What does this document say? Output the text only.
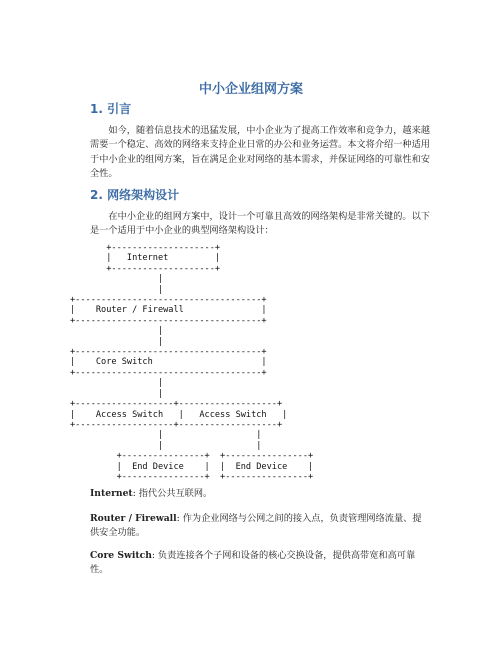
中小企业组网方案
1. 引言

　　如今，随着信息技术的迅猛发展，中小企业为了提高工作效率和竞争力，越来越需要一个稳定、高效的网络来支持企业日常的办公和业务运营。本文将介绍一种适用于中小企业的组网方案，旨在满足企业对网络的基本需求，并保证网络的可靠性和安全性。

2. 网络架构设计

　　在中小企业的组网方案中，设计一个可靠且高效的网络架构是非常关键的。以下是一个适用于中小企业的典型网络架构设计：

+--------------------+
|   Internet         |
+--------------------+
|
|
+------------------------------------+
|    Router / Firewall               |
+------------------------------------+
|
|
+------------------------------------+
|    Core Switch                     |
+------------------------------------+
|
|
+-------------------+-------------------+
|    Access Switch   |   Access Switch   |
+-------------------+-------------------+
|                  |
|                  |
+----------------+  +----------------+
|  End Device    |  |  End Device    |
+----------------+  +----------------+

Internet: 指代公共互联网。

Router / Firewall: 作为企业网络与公网之间的接入点，负责管理网络流量、提供安全功能。

Core Switch: 负责连接各个子网和设备的核心交换设备，提供高带宽和高可靠性。
